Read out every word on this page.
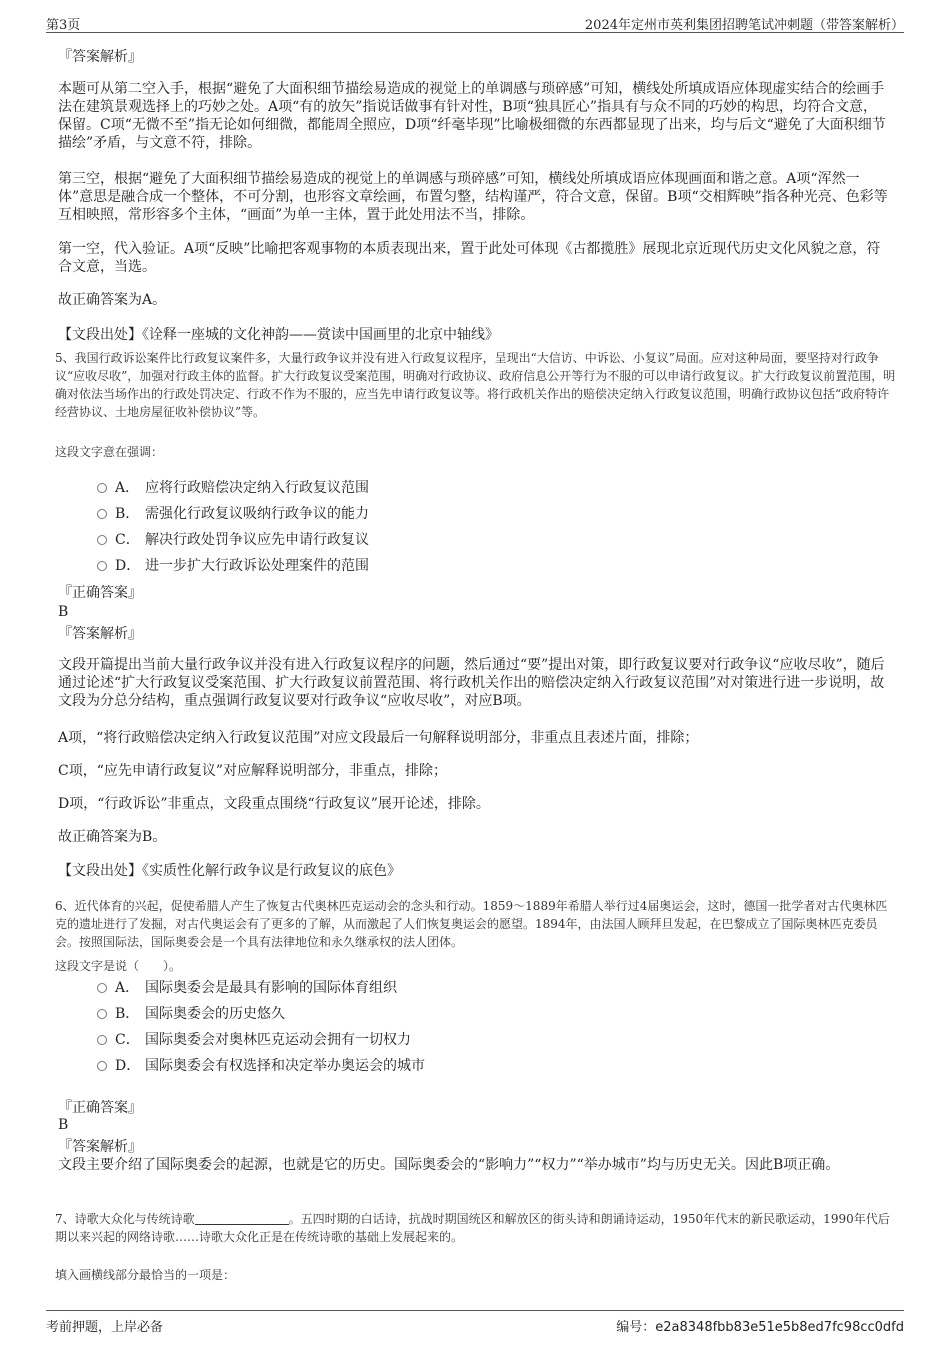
第3页	2024年定州市英利集团招聘笔试冲刺题（带答案解析）
『答案解析』
本题可从第二空入手，根据“避免了大面积细节描绘易造成的视觉上的单调感与琐碎感”可知，横线处所填成语应体现虚实结合的绘画手法在建筑景观选择上的巧妙之处。A项“有的放矢”指说话做事有针对性，B项“独具匠心”指具有与众不同的巧妙的构思，均符合文意，保留。C项“无微不至”指无论如何细微，都能周全照应，D项“纤毫毕现”比喻极细微的东西都显现了出来，均与后文“避免了大面积细节描绘”矛盾，与文意不符，排除。
第三空，根据“避免了大面积细节描绘易造成的视觉上的单调感与琐碎感”可知，横线处所填成语应体现画面和谐之意。A项“浑然一体”意思是融合成一个整体，不可分割，也形容文章绘画，布置匀整，结构谨严，符合文意，保留。B项“交相辉映”指各种光亮、色彩等互相映照，常形容多个主体，“画面”为单一主体，置于此处用法不当，排除。
第一空，代入验证。A项“反映”比喻把客观事物的本质表现出来，置于此处可体现《古都揽胜》展现北京近现代历史文化风貌之意，符合文意，当选。
故正确答案为A。
【文段出处】《诠释一座城的文化神韵——赏读中国画里的北京中轴线》
5、我国行政诉讼案件比行政复议案件多，大量行政争议并没有进入行政复议程序，呈现出“大信访、中诉讼、小复议”局面。应对这种局面，要坚持对行政争议“应收尽收”，加强对行政主体的监督。扩大行政复议受案范围，明确对行政协议、政府信息公开等行为不服的可以申请行政复议。扩大行政复议前置范围，明确对依法当场作出的行政处罚决定、行政不作为不服的，应当先申请行政复议等。将行政机关作出的赔偿决定纳入行政复议范围，明确行政协议包括“政府特许经营协议、土地房屋征收补偿协议”等。
这段文字意在强调：
A． 应将行政赔偿决定纳入行政复议范围
B． 需强化行政复议吸纳行政争议的能力
C． 解决行政处罚争议应先申请行政复议
D． 进一步扩大行政诉讼处理案件的范围
『正确答案』
B
『答案解析』
文段开篇提出当前大量行政争议并没有进入行政复议程序的问题，然后通过“要”提出对策，即行政复议要对行政争议“应收尽收”，随后通过论述“扩大行政复议受案范围、扩大行政复议前置范围、将行政机关作出的赔偿决定纳入行政复议范围”对对策进行进一步说明，故文段为分总分结构，重点强调行政复议要对行政争议“应收尽收”，对应B项。
A项，“将行政赔偿决定纳入行政复议范围”对应文段最后一句解释说明部分，非重点且表述片面，排除；
C项，“应先申请行政复议”对应解释说明部分，非重点，排除；
D项，“行政诉讼”非重点，文段重点围绕“行政复议”展开论述，排除。
故正确答案为B。
【文段出处】《实质性化解行政争议是行政复议的底色》
6、近代体育的兴起，促使希腊人产生了恢复古代奥林匹克运动会的念头和行动。1859～1889年希腊人举行过4届奥运会，这时，德国一批学者对古代奥林匹克的遗址进行了发掘，对古代奥运会有了更多的了解，从而激起了人们恢复奥运会的愿望。1894年，由法国人顾拜旦发起，在巴黎成立了国际奥林匹克委员会。按照国际法，国际奥委会是一个具有法律地位和永久继承权的法人团体。
这段文字是说（　　）。
A． 国际奥委会是最具有影响的国际体育组织
B． 国际奥委会的历史悠久
C． 国际奥委会对奥林匹克运动会拥有一切权力
D． 国际奥委会有权选择和决定举办奥运会的城市
『正确答案』
B
『答案解析』
文段主要介绍了国际奥委会的起源，也就是它的历史。国际奥委会的“影响力”“权力”“举办城市”均与历史无关。因此B项正确。
7、诗歌大众化与传统诗歌	。五四时期的白话诗，抗战时期国统区和解放区的街头诗和朗诵诗运动，1950年代末的新民歌运动，1990年代后期以来兴起的网络诗歌……诗歌大众化正是在传统诗歌的基础上发展起来的。
填入画横线部分最恰当的一项是：
考前押题，上岸必备	编号：e2a8348fbb83e51e5b8ed7fc98cc0dfd
